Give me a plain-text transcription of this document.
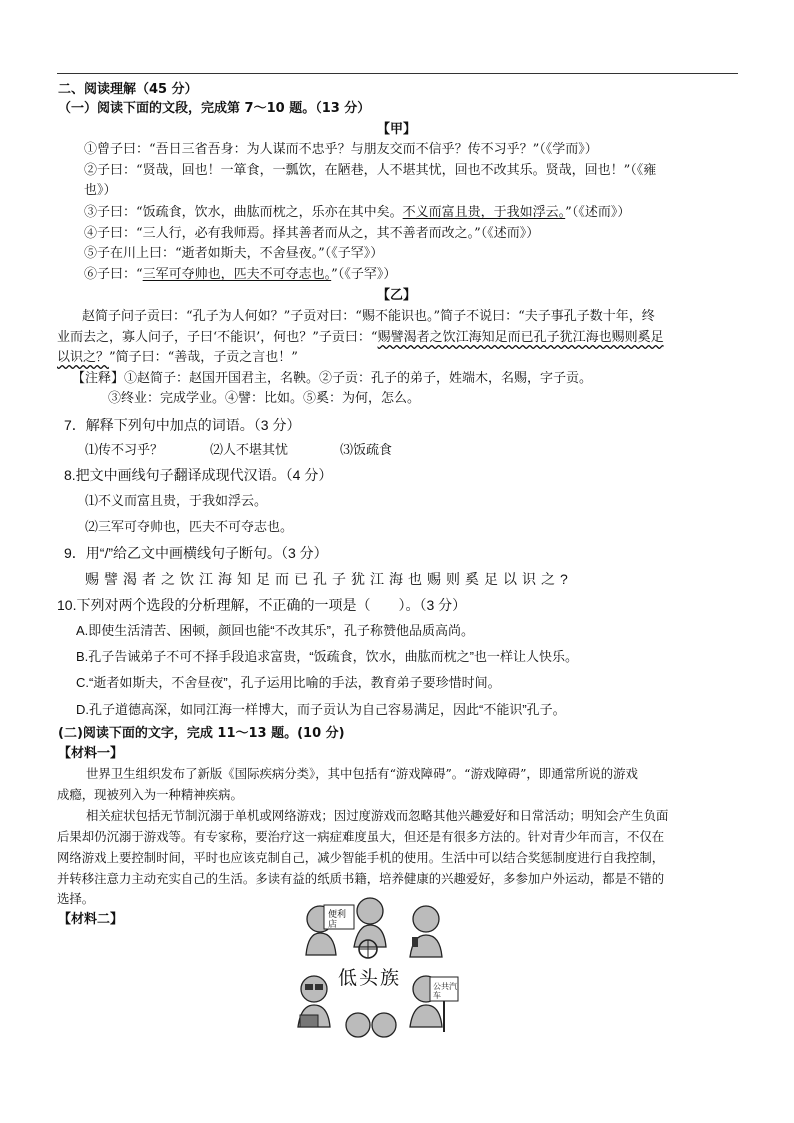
二、阅读理解（45 分）
（一）阅读下面的文段，完成第 7～10 题。（13 分）
【甲】
①曾子曰：“吾日三省吾身：为人谋而不忠乎？与朋友交而不信乎？传不习乎？”（《学而》）
②子曰：“贤哉，回也！一箪食，一瓢饮，在陋巷，人不堪其忧，回也不改其乐。贤哉，回也！”（《雍
也》）
③子曰：“饭疏食，饮水，曲肱而枕之，乐亦在其中矣。不义而富且贵，于我如浮云。”（《述而》）
④子曰：“三人行，必有我师焉。择其善者而从之，其不善者而改之。”（《述而》）
⑤子在川上曰：“逝者如斯夫，不舍昼夜。”（《子罕》）
⑥子曰：“三军可夺帅也，匹夫不可夺志也。”（《子罕》）
【乙】
赵简子问子贡曰：“孔子为人何如？”子贡对曰：“赐不能识也。”简子不说曰：“夫子事孔子数十年，终
业而去之，寡人问子，子曰‘不能识’，何也？”子贡曰：“赐譬渴者之饮江海知足而已孔子犹江海也赐则奚足
以识之？”简子曰：“善哉，子贡之言也！”
【注释】①赵简子：赵国开国君主，名鞅。②子贡：孔子的弟子，姓端木，名赐，字子贡。
③终业：完成学业。④譬：比如。⑤奚：为何，怎么。
7．解释下列句中加点的词语。（3 分）
⑴传不习乎？	⑵人不堪其忧	⑶饭疏食
8.把文中画线句子翻译成现代汉语。（4 分）
⑴不义而富且贵，于我如浮云。
⑵三军可夺帅也，匹夫不可夺志也。
9．用“/”给乙文中画横线句子断句。（3 分）
赐譬渴者之饮江海知足而已孔子犹江海也赐则奚足以识之?
10.下列对两个选段的分析理解，不正确的一项是（　　）。（3 分）
A.即使生活清苦、困顿，颜回也能“不改其乐”，孔子称赞他品质高尚。
B.孔子告诫弟子不可不择手段追求富贵，“饭疏食，饮水，曲肱而枕之”也一样让人快乐。
C.“逝者如斯夫，不舍昼夜”，孔子运用比喻的手法，教育弟子要珍惜时间。
D.孔子道德高深，如同江海一样博大，而子贡认为自己容易满足，因此“不能识”孔子。
(二)阅读下面的文字，完成 11～13 题。(10 分)
【材料一】
世界卫生组织发布了新版《国际疾病分类》，其中包括有“游戏障碍”。“游戏障碍”，即通常所说的游戏
成瘾，现被列入为一种精神疾病。
相关症状包括无节制沉溺于单机或网络游戏；因过度游戏而忽略其他兴趣爱好和日常活动；明知会产生负面
后果却仍沉溺于游戏等。有专家称，要治疗这一病症难度虽大，但还是有很多方法的。针对青少年而言，不仅在
网络游戏上要控制时间，平时也应该克制自己，减少智能手机的使用。生活中可以结合奖惩制度进行自我控制，
并转移注意力主动充实自己的生活。多读有益的纸质书籍，培养健康的兴趣爱好，多参加户外运动，都是不错的
选择。
【材料二】	便利店
公共汽车
低头族
